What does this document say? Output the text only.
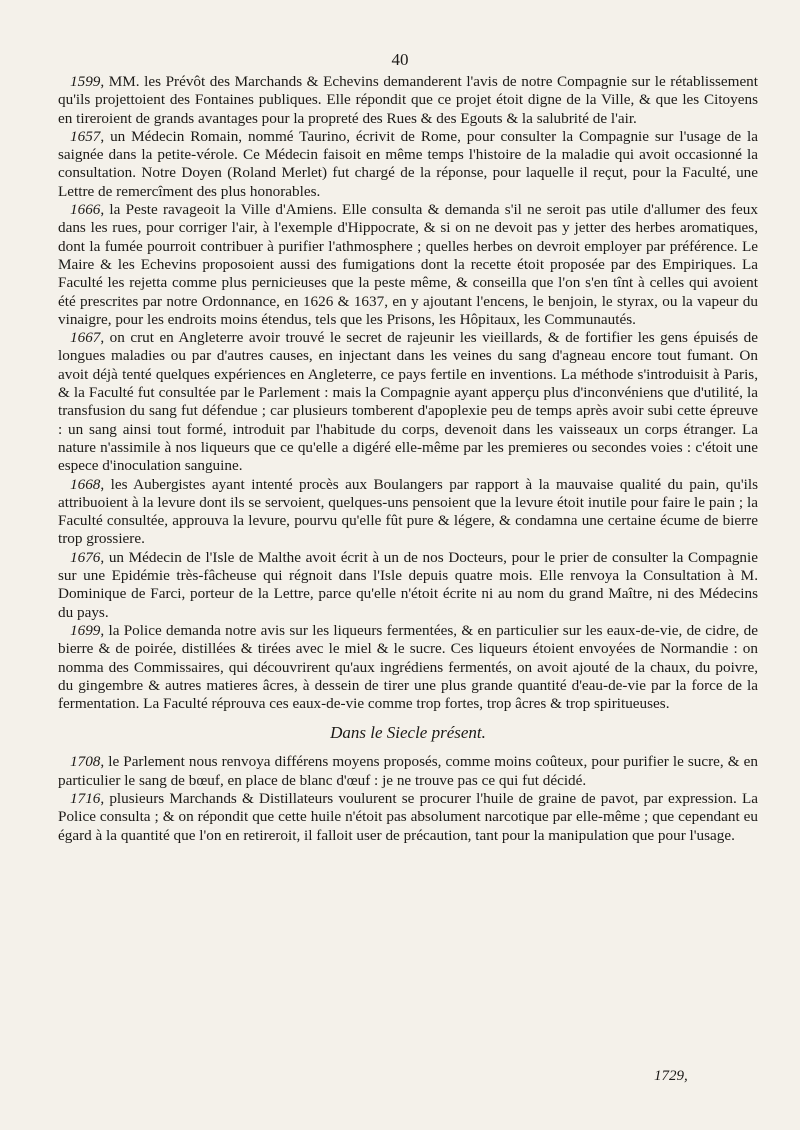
40

1599, MM. les Prévôt des Marchands & Echevins demanderent l'avis de notre Compagnie sur le rétablissement qu'ils projettoient des Fontaines publiques. Elle répondit que ce projet étoit digne de la Ville, & que les Citoyens en tireroient de grands avantages pour la propreté des Rues & des Egouts & la salubrité de l'air.

1657, un Médecin Romain, nommé Taurino, écrivit de Rome, pour consulter la Compagnie sur l'usage de la saignée dans la petite-vérole. Ce Médecin faisoit en même temps l'histoire de la maladie qui avoit occasionné la consultation. Notre Doyen (Roland Merlet) fut chargé de la réponse, pour laquelle il reçut, pour la Faculté, une Lettre de remercîment des plus honorables.

1666, la Peste ravageoit la Ville d'Amiens. Elle consulta & demanda s'il ne seroit pas utile d'allumer des feux dans les rues, pour corriger l'air, à l'exemple d'Hippocrate, & si on ne devoit pas y jetter des herbes aromatiques, dont la fumée pourroit contribuer à purifier l'athmosphere ; quelles herbes on devroit employer par préférence. Le Maire & les Echevins proposoient aussi des fumigations dont la recette étoit proposée par des Empiriques. La Faculté les rejetta comme plus pernicieuses que la peste même, & conseilla que l'on s'en tînt à celles qui avoient été prescrites par notre Ordonnance, en 1626 & 1637, en y ajoutant l'encens, le benjoin, le styrax, ou la vapeur du vinaigre, pour les endroits moins étendus, tels que les Prisons, les Hôpitaux, les Communautés.

1667, on crut en Angleterre avoir trouvé le secret de rajeunir les vieillards, & de fortifier les gens épuisés de longues maladies ou par d'autres causes, en injectant dans les veines du sang d'agneau encore tout fumant. On avoit déjà tenté quelques expériences en Angleterre, ce pays fertile en inventions. La méthode s'introduisit à Paris, & la Faculté fut consultée par le Parlement : mais la Compagnie ayant apperçu plus d'inconvéniens que d'utilité, la transfusion du sang fut défendue ; car plusieurs tomberent d'apoplexie peu de temps après avoir subi cette épreuve : un sang ainsi tout formé, introduit par l'habitude du corps, devenoit dans les vaisseaux un corps étranger. La nature n'assimile à nos liqueurs que ce qu'elle a digéré elle-même par les premieres ou secondes voies : c'étoit une espece d'inoculation sanguine.

1668, les Aubergistes ayant intenté procès aux Boulangers par rapport à la mauvaise qualité du pain, qu'ils attribuoient à la levure dont ils se servoient, quelques-uns pensoient que la levure étoit inutile pour faire le pain ; la Faculté consultée, approuva la levure, pourvu qu'elle fût pure & légere, & condamna une certaine écume de bierre trop grossiere.

1676, un Médecin de l'Isle de Malthe avoit écrit à un de nos Docteurs, pour le prier de consulter la Compagnie sur une Epidémie très-fâcheuse qui régnoit dans l'Isle depuis quatre mois. Elle renvoya la Consultation à M. Dominique de Farci, porteur de la Lettre, parce qu'elle n'étoit écrite ni au nom du grand Maître, ni des Médecins du pays.

1699, la Police demanda notre avis sur les liqueurs fermentées, & en particulier sur les eaux-de-vie, de cidre, de bierre & de poirée, distillées & tirées avec le miel & le sucre. Ces liqueurs étoient envoyées de Normandie : on nomma des Commissaires, qui découvrirent qu'aux ingrédiens fermentés, on avoit ajouté de la chaux, du poivre, du gingembre & autres matieres âcres, à dessein de tirer une plus grande quantité d'eau-de-vie par la force de la fermentation. La Faculté réprouva ces eaux-de-vie comme trop fortes, trop âcres & trop spiritueuses.

Dans le Siecle présent.

1708, le Parlement nous renvoya différens moyens proposés, comme moins coûteux, pour purifier le sucre, & en particulier le sang de bœuf, en place de blanc d'œuf : je ne trouve pas ce qui fut décidé.

1716, plusieurs Marchands & Distillateurs voulurent se procurer l'huile de graine de pavot, par expression. La Police consulta ; & on répondit que cette huile n'étoit pas absolument narcotique par elle-même ; que cependant eu égard à la quantité que l'on en retireroit, il falloit user de précaution, tant pour la manipulation que pour l'usage.

1729,
